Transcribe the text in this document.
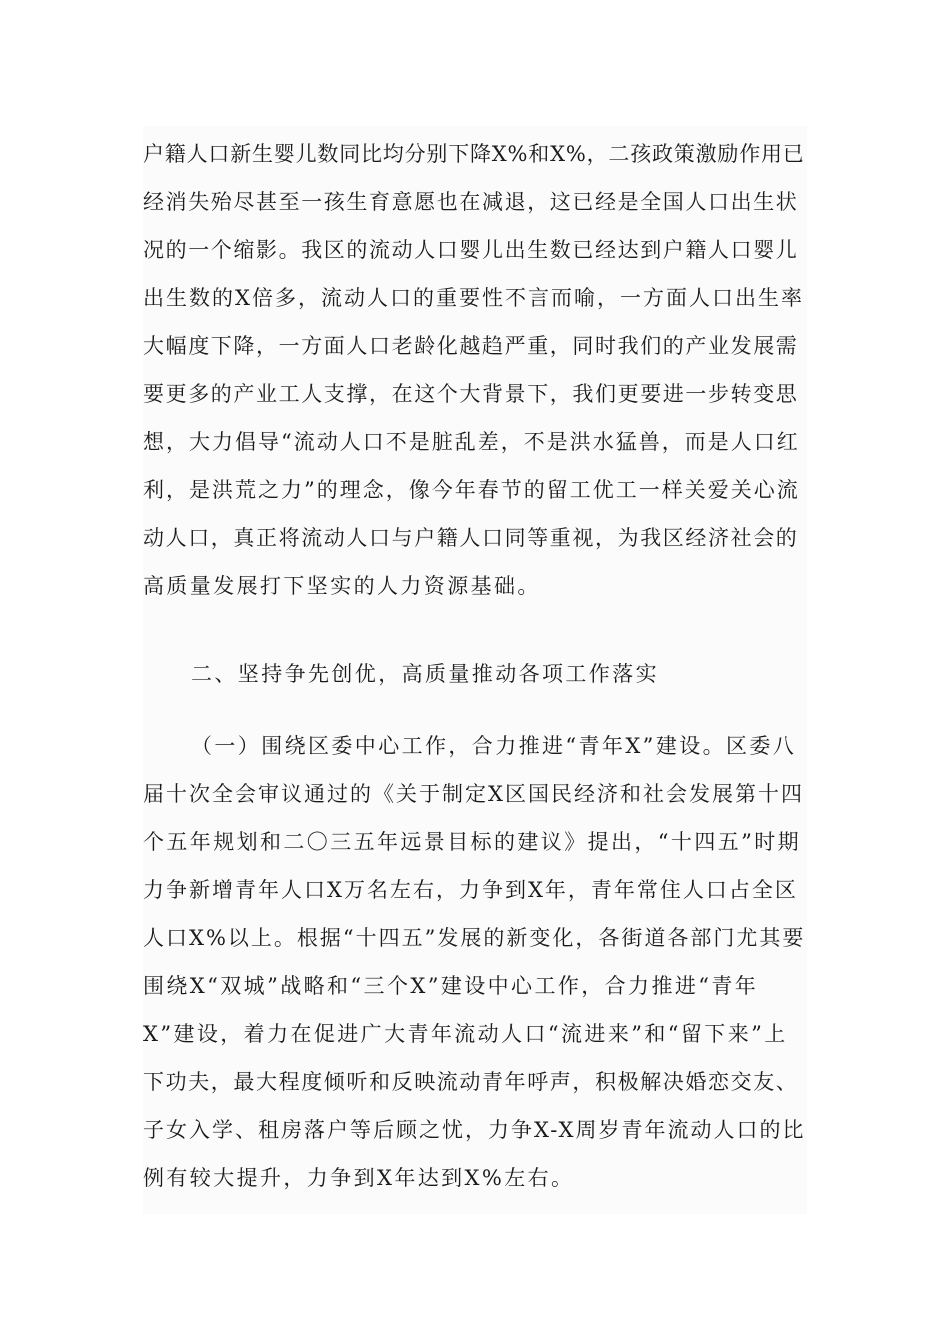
户籍人口新生婴儿数同比均分别下降X%和X%，二孩政策激励作用已
经消失殆尽甚至一孩生育意愿也在减退，这已经是全国人口出生状
况的一个缩影。我区的流动人口婴儿出生数已经达到户籍人口婴儿
出生数的X倍多，流动人口的重要性不言而喻，一方面人口出生率
大幅度下降，一方面人口老龄化越趋严重，同时我们的产业发展需
要更多的产业工人支撑，在这个大背景下，我们更要进一步转变思
想，大力倡导“流动人口不是脏乱差，不是洪水猛兽，而是人口红
利，是洪荒之力”的理念，像今年春节的留工优工一样关爱关心流
动人口，真正将流动人口与户籍人口同等重视，为我区经济社会的
高质量发展打下坚实的人力资源基础。
二、坚持争先创优，高质量推动各项工作落实
（一）围绕区委中心工作，合力推进“青年X”建设。区委八
届十次全会审议通过的《关于制定X区国民经济和社会发展第十四
个五年规划和二〇三五年远景目标的建议》提出，“十四五”时期
力争新增青年人口X万名左右，力争到X年，青年常住人口占全区
人口X%以上。根据“十四五”发展的新变化，各街道各部门尤其要
围绕X“双城”战略和“三个X”建设中心工作，合力推进“青年
X”建设，着力在促进广大青年流动人口“流进来”和“留下来”上
下功夫，最大程度倾听和反映流动青年呼声，积极解决婚恋交友、
子女入学、租房落户等后顾之忧，力争X-X周岁青年流动人口的比
例有较大提升，力争到X年达到X%左右。
